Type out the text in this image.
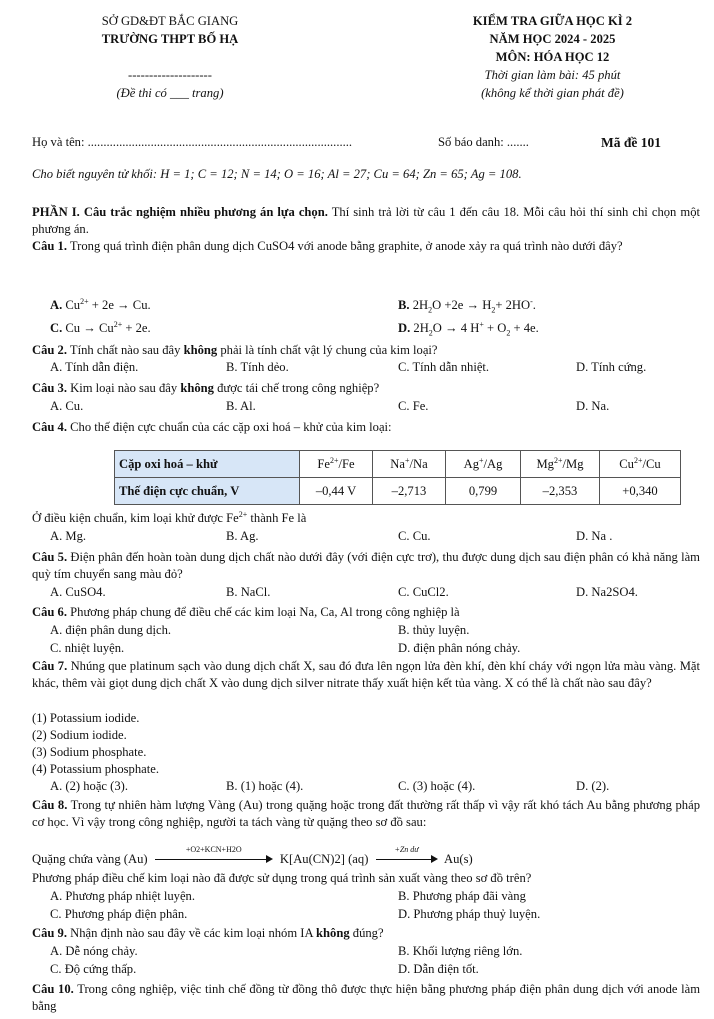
SỞ GD&ĐT BẮC GIANG
TRƯỜNG THPT BỐ HẠ
--------------------
(Đề thi có ___ trang)
KIỂM TRA GIỮA HỌC KÌ 2
NĂM HỌC 2024 - 2025
MÔN: HÓA HỌC 12
Thời gian làm bài: 45 phút
(không kể thời gian phát đề)
Họ và tên: ....................................................................................	Số báo danh: .......	Mã đề 101
Cho biết nguyên tử khối: H = 1; C = 12; N = 14; O = 16; Al = 27; Cu = 64; Zn = 65; Ag = 108.
PHẦN I. Câu trắc nghiệm nhiều phương án lựa chọn. Thí sinh trả lời từ câu 1 đến câu 18. Mỗi câu hỏi thí sinh chỉ chọn một phương án.
Câu 1. Trong quá trình điện phân dung dịch CuSO4 với anode bằng graphite, ở anode xảy ra quá trình nào dưới đây?
A. $Cu^{2+} + 2e \to Cu$.	B. $2H_2O +2e \to H_2+ 2HO^-$.
C. $Cu \to Cu^{2+} + 2e$.	D. $2H_2O \to 4$ $H^+ + O_2 + 4e$.
Câu 2. Tính chất nào sau đây không phải là tính chất vật lý chung của kim loại?
A. Tính dẫn điện.	B. Tính dẻo.	C. Tính dẫn nhiệt.	D. Tính cứng.
Câu 3. Kim loại nào sau đây không được tái chế trong công nghiệp?
A. Cu.	B. Al.	C. Fe.	D. Na.
Câu 4. Cho thế điện cực chuẩn của các cặp oxi hoá – khử của kim loại:
Cặp oxi hoá – khử	$Fe^{2+}/Fe$	Na+/Na	Ag+/Ag	$Mg^{2+}/Mg$	$Cu^{2+}/Cu$
Thế điện cực chuẩn, V	–0,44 V	–2,713	0,799	–2,353	+0,340
Ở điều kiện chuẩn, kim loại khử được $Fe^{2+}$ thành Fe là
A. Mg.	B. Ag.	C. Cu.	D. Na .
Câu 5. Điện phân đến hoàn toàn dung dịch chất nào dưới đây (với điện cực trơ), thu được dung dịch sau điện phân có khả năng làm quỳ tím chuyển sang màu đỏ?
A. CuSO4.	B. NaCl.	C. CuCl2.	D. Na2SO4.
Câu 6. Phương pháp chung để điều chế các kim loại Na, Ca, Al trong công nghiệp là
A. điện phân dung dịch.	B. thủy luyện.
C. nhiệt luyện.	D. điện phân nóng chảy.
Câu 7. Nhúng que platinum sạch vào dung dịch chất X, sau đó đưa lên ngọn lửa đèn khí, đèn khí cháy với ngọn lửa màu vàng. Mặt khác, thêm vài giọt dung dịch chất X vào dung dịch silver nitrate thấy xuất hiện kết tủa vàng. X có thể là chất nào sau đây?
(1) Potassium iodide.
(2) Sodium iodide.
(3) Sodium phosphate.
(4) Potassium phosphate.
A. (2) hoặc (3).	B. (1) hoặc (4).	C. (3) hoặc (4).	D. (2).
Câu 8. Trong tự nhiên hàm lượng Vàng (Au) trong quặng hoặc trong đất thường rất thấp vì vậy rất khó tách Au bằng phương pháp cơ học. Vì vậy trong công nghiệp, người ta tách vàng từ quặng theo sơ đồ sau:
Quặng chứa vàng (Au)
+O2+KCN+H2O
K[Au(CN)2] (aq)
+Zn dư
Au(s)
Phương pháp điều chế kim loại nào đã được sử dụng trong quá trình sản xuất vàng theo sơ đồ trên?
A. Phương pháp nhiệt luyện.	B. Phương pháp đãi vàng
C. Phương pháp điện phân.	D. Phương pháp thuỷ luyện.
Câu 9. Nhận định nào sau đây về các kim loại nhóm IA không đúng?
A. Dễ nóng chảy.	B. Khối lượng riêng lớn.
C. Độ cứng thấp.	D. Dẫn điện tốt.
Câu 10. Trong công nghiệp, việc tinh chế đồng từ đồng thô được thực hiện bằng phương pháp điện phân dung dịch với anode làm bằng
